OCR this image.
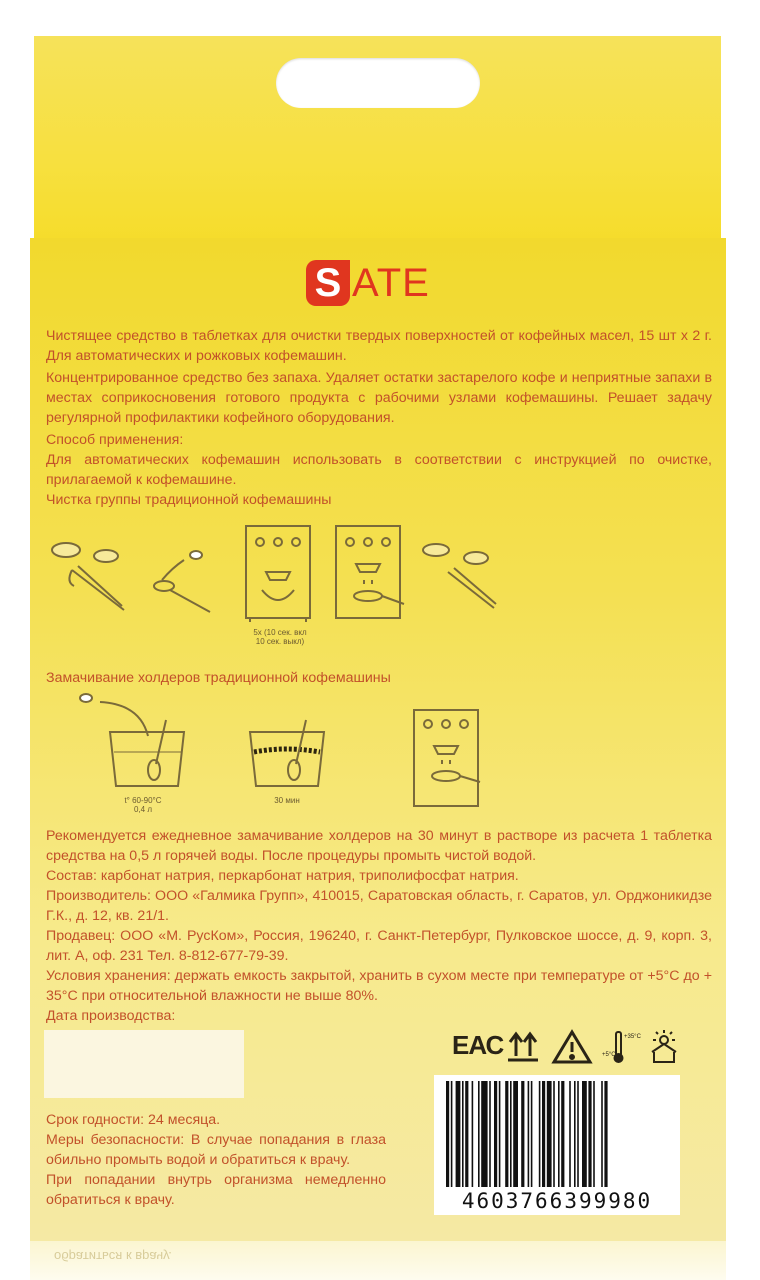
обратиться к врачу.
S ATE
Чистящее средство в таблетках для очистки твердых поверхностей от кофейных масел, 15 шт х 2 г. Для автоматических и рожковых кофемашин.
Концентрированное средство без запаха. Удаляет остатки застарелого кофе и неприятные запахи в местах соприкосновения готового продукта с рабочими узлами кофемашины. Решает задачу регулярной профилактики кофейного оборудования.
Способ применения:
Для автоматических кофемашин использовать в соответствии с инструкцией по очистке, прилагаемой к кофемашине.
Чистка группы традиционной кофемашины
5x (10 сек. вкл
10 сек. выкл)
Замачивание холдеров традиционной кофемашины
t° 60-90°C
0,4 л
30 мин
Рекомендуется ежедневное замачивание холдеров на 30 минут в растворе из расчета 1 таблетка средства на 0,5 л горячей воды. После процедуры промыть чистой водой.
Состав: карбонат натрия, перкарбонат натрия, триполифосфат натрия.
Производитель: ООО «Галмика Групп», 410015, Саратовская область, г. Саратов, ул. Орджоникидзе Г.К., д. 12, кв. 21/1.
Продавец: ООО «М. РусКом», Россия, 196240, г. Санкт-Петербург, Пулковское шоссе, д. 9, корп. 3, лит. А, оф. 231 Тел. 8-812-677-79-39.
Условия хранения: держать емкость закрытой, хранить в сухом месте при температуре от +5°С до + 35°С при относительной влажности не выше 80%.
Дата производства:
Срок годности: 24 месяца.
Меры безопасности: В случае попадания в глаза обильно промыть водой и обратиться к врачу.
При попадании внутрь организма немедленно обратиться к врачу.
ЕАС	+35°C
+5°C
4603766399980
